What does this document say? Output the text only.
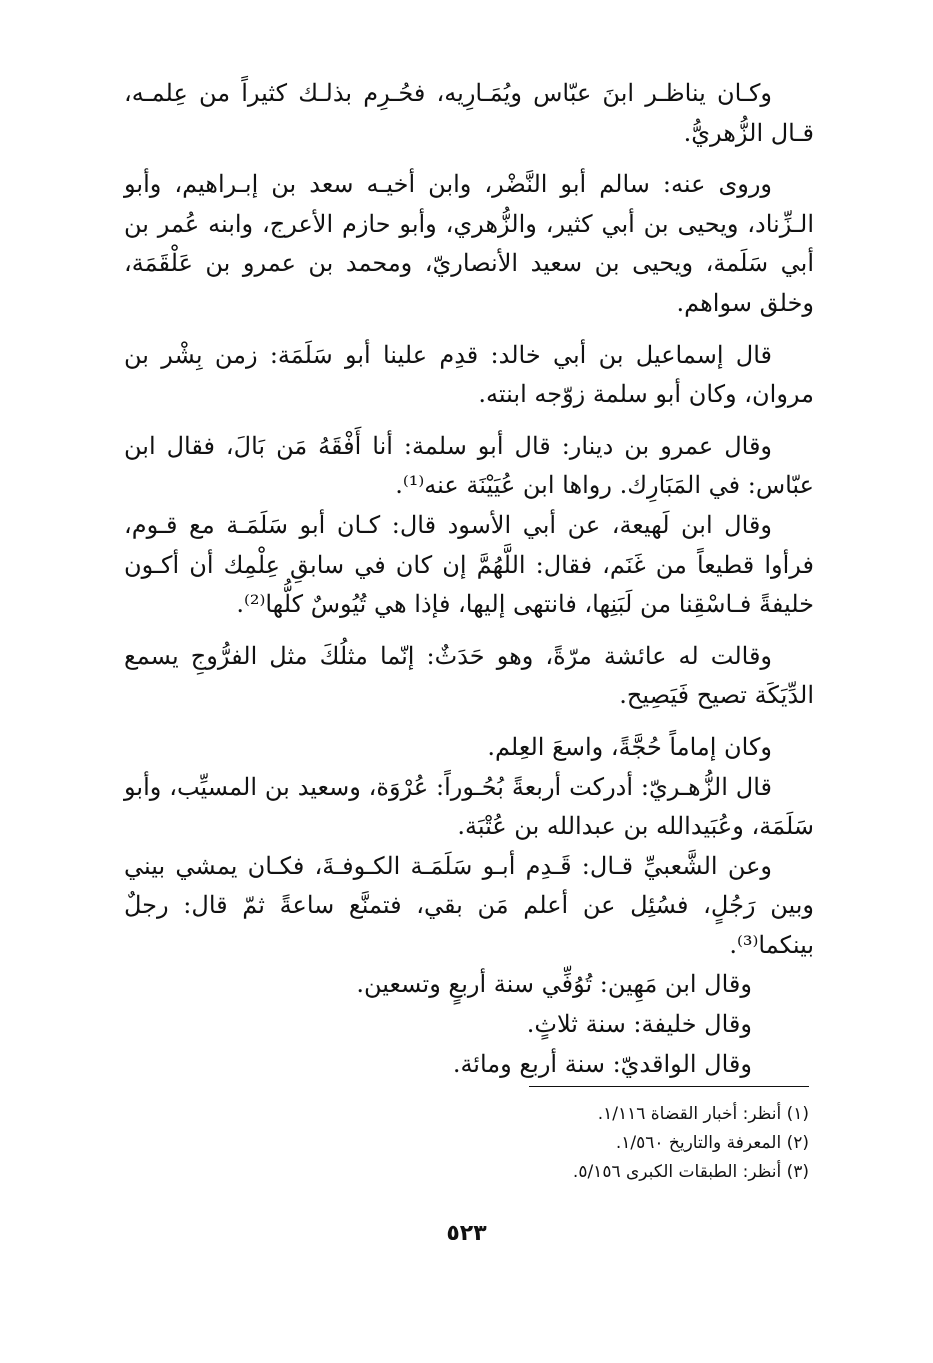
وكـان يناظـر ابنَ عبّاس ويُمَـارِيه، فحُـرِم بذلـك كثيراً من عِلمـه، قـال الزُّهريُّ.

وروى عنه: سالم أبو النَّضْر، وابن أخيـه سعد بن إبـراهيم، وأبو الـزِّناد، ويحيى بن أبي كثير، والزُّهري، وأبو حازم الأعرج، وابنه عُمر بن أبي سَلَمة، ويحيى بن سعيد الأنصاريّ، ومحمد بن عمرو بن عَلْقَمَة، وخلق سواهم.

قال إسماعيل بن أبي خالد: قدِم علينا أبو سَلَمَة: زمن بِشْر بن مروان، وكان أبو سلمة زوّجه ابنته.

وقال عمرو بن دينار: قال أبو سلمة: أنا أَفْقَهُ مَن بَالَ، فقال ابن عبّاس: في المَبَارِك. رواها ابن عُيَيْنَة عنه⁽¹⁾.

وقال ابن لَهيعة، عن أبي الأسود قال: كـان أبو سَلَمَـة مع قـوم، فرأوا قطيعاً من غَنَم، فقال: اللَّهُمَّ إن كان في سابقِ عِلْمِك أن أكـون خليفةً فـاسْقِنا من لَبَنِها، فانتهى إليها، فإذا هي تُيُوسٌ كلُّها⁽²⁾.

وقالت له عائشة مرّةً، وهو حَدَثٌ: إنّما مثلُكَ مثل الفرُّوجِ يسمع الدِّيَكَة تصيح فَيَصِيح.

وكان إماماً حُجَّةً، واسعَ العِلم.

قال الزُّهـريّ: أدركت أربعةً بُحُـوراً: عُرْوَة، وسعيد بن المسيِّب، وأبو سَلَمَة، وعُبَيدالله بن عبدالله بن عُتْبَة.

وعن الشَّعبيِّ قـال: قَـدِم أبـو سَلَمَـة الكـوفـةَ، فكـان يمشي بيني وبين رَجُلٍ، فسُئِل عن أعلم مَن بقي، فتمنَّع ساعةً ثمّ قال: رجلٌ بينكما⁽³⁾.

وقال ابن مَهِين: تُوُفِّي سنة أربعٍ وتسعين.

وقال خليفة: سنة ثلاثٍ.

وقال الواقديّ: سنة أربع ومائة.

(١) أنظر: أخبار القضاة ١/١١٦.

(٢) المعرفة والتاريخ ١/٥٦٠.

(٣) أنظر: الطبقات الكبرى ٥/١٥٦.

٥٢٣
